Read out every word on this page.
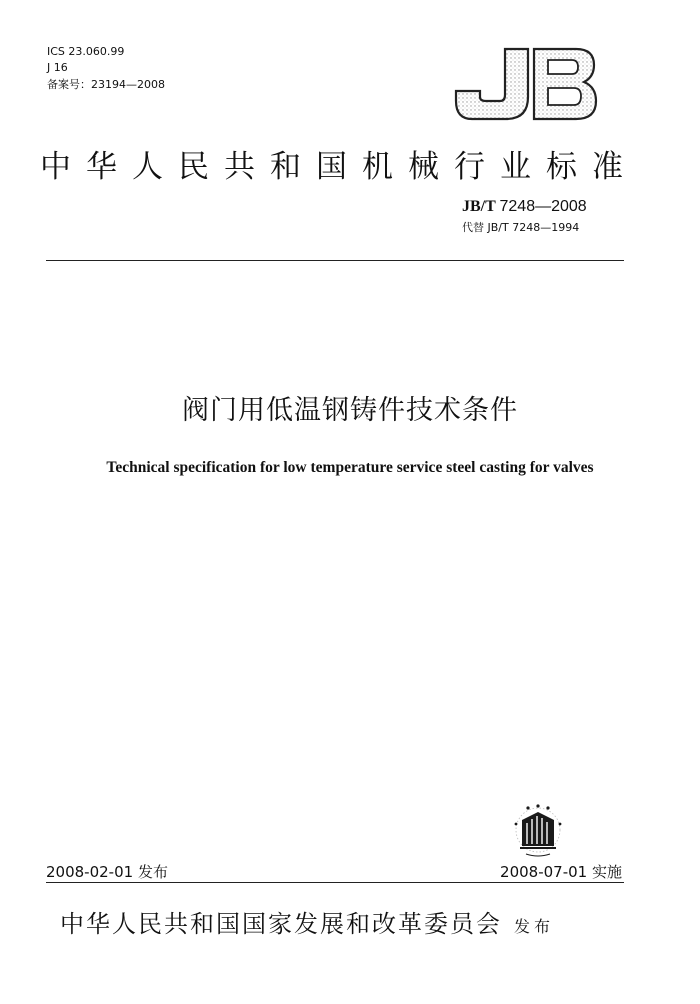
ICS 23.060.99
J 16
备案号：23194—2008
中华人民共和国机械行业标准
JB/T 7248—2008
代替 JB/T 7248—1994
阀门用低温钢铸件技术条件
Technical specification for low temperature service steel casting for valves
2008-02-01 发布	2008-07-01 实施
中华人民共和国国家发展和改革委员会 发布
